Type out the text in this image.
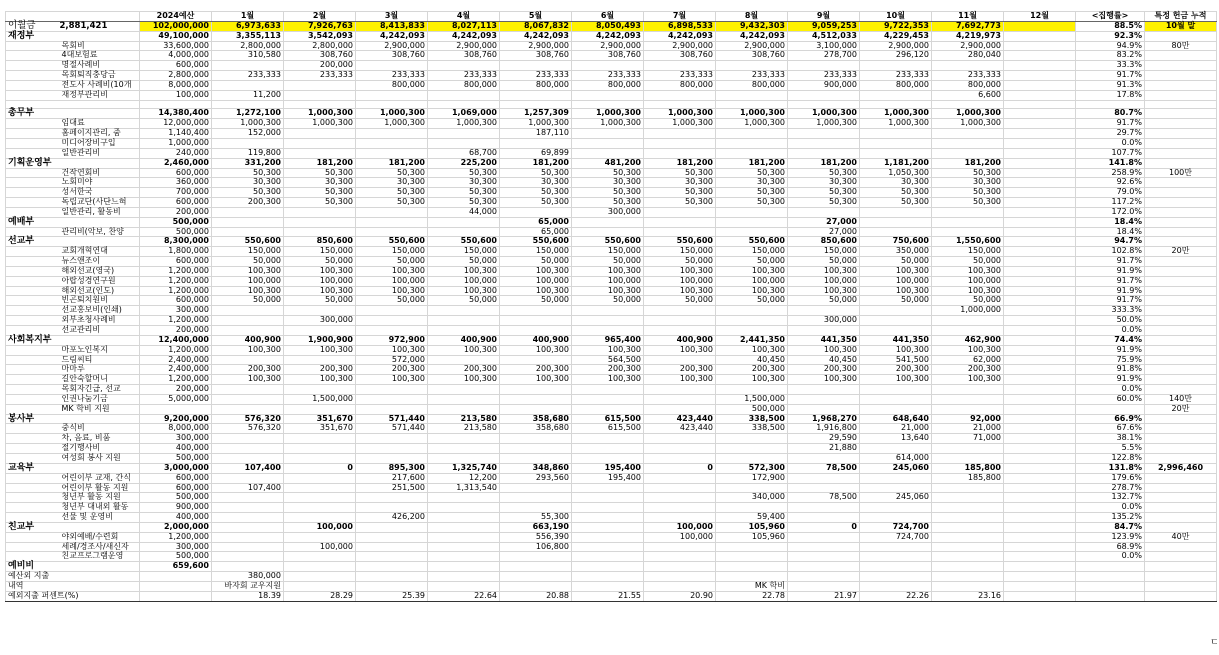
		2024예산	1월	2월	3월	4월	5월	6월	7월	8월	9월	10월	11월	12월	<집행률>	특정 헌금 누적
이월금	2,881,421	102,000,000	6,973,633	7,926,763	8,413,833	8,027,113	8,067,832	8,050,493	6,898,533	9,432,303	9,059,253	9,722,353	7,692,773		88.5%	10월 말
재정부		49,100,000	3,355,113	3,542,093	4,242,093	4,242,093	4,242,093	4,242,093	4,242,093	4,242,093	4,512,033	4,229,453	4,219,973		92.3%	
	목회비	33,600,000	2,800,000	2,800,000	2,900,000	2,900,000	2,900,000	2,900,000	2,900,000	2,900,000	3,100,000	2,900,000	2,900,000		94.9%	80만
	4대보험료	4,000,000	310,580	308,760	308,760	308,760	308,760	308,760	308,760	308,760	278,700	296,120	280,040		83.2%	
	명절사례비	600,000		200,000											33.3%	
	목회퇴직충당금	2,800,000	233,333	233,333	233,333	233,333	233,333	233,333	233,333	233,333	233,333	233,333	233,333		91.7%	
	전도사 사례비(10개	8,000,000			800,000	800,000	800,000	800,000	800,000	800,000	900,000	800,000	800,000		91.3%	
	재정부관리비	100,000	11,200										6,600		17.8%	

총무부		14,380,400	1,272,100	1,000,300	1,000,300	1,069,000	1,257,309	1,000,300	1,000,300	1,000,300	1,000,300	1,000,300	1,000,300		80.7%	
	임대료	12,000,000	1,000,300	1,000,300	1,000,300	1,000,300	1,000,300	1,000,300	1,000,300	1,000,300	1,000,300	1,000,300	1,000,300		91.7%	
	홈페이지관리, 줌	1,140,400	152,000				187,110								29.7%	
	미디어장비구입	1,000,000													0.0%	
	일반관리비	240,000	119,800			68,700	69,899								107.7%	
기획운영부		2,460,000	331,200	181,200	181,200	225,200	181,200	481,200	181,200	181,200	181,200	1,181,200	181,200		141.8%	
	건작연회비	600,000	50,300	50,300	50,300	50,300	50,300	50,300	50,300	50,300	50,300	1,050,300	50,300		258.9%	100만
	노회미야	360,000	30,300	30,300	30,300	30,300	30,300	30,300	30,300	30,300	30,300	30,300	30,300		92.6%	
	성서한국	700,000	50,300	50,300	50,300	50,300	50,300	50,300	50,300	50,300	50,300	50,300	50,300		79.0%	
	독립교단(사단느혀	600,000	200,300	50,300	50,300	50,300	50,300	50,300	50,300	50,300	50,300	50,300	50,300		117.2%	
	일반관리, 활동비	200,000				44,000		300,000							172.0%	
예배부		500,000					65,000				27,000				18.4%	
	관리비(악보, 찬양	500,000					65,000				27,000				18.4%	
선교부		8,300,000	550,600	850,600	550,600	550,600	550,600	550,600	550,600	550,600	850,600	750,600	1,550,600		94.7%	
	교회개혁연대	1,800,000	150,000	150,000	150,000	150,000	150,000	150,000	150,000	150,000	150,000	350,000	150,000		102.8%	20만
	뉴스앤조이	600,000	50,000	50,000	50,000	50,000	50,000	50,000	50,000	50,000	50,000	50,000	50,000		91.7%	
	해외선교(영국)	1,200,000	100,300	100,300	100,300	100,300	100,300	100,300	100,300	100,300	100,300	100,300	100,300		91.9%	
	아랍성경연구원	1,200,000	100,000	100,000	100,000	100,000	100,000	100,000	100,000	100,000	100,000	100,000	100,000		91.7%	
	해외선교(인도)	1,200,000	100,300	100,300	100,300	100,300	100,300	100,300	100,300	100,300	100,300	100,300	100,300		91.9%	
	빈곤퇴치원비	600,000	50,000	50,000	50,000	50,000	50,000	50,000	50,000	50,000	50,000	50,000	50,000		91.7%	
	선교홍보비(인쇄)	300,000											1,000,000		333.3%	
	외부초청사례비	1,200,000		300,000							300,000				50.0%	
	선교관리비	200,000													0.0%	
사회복지부		12,400,000	400,900	1,900,900	972,900	400,900	400,900	965,400	400,900	2,441,350	441,350	441,350	462,900		74.4%	
	마포노인복지	1,200,000	100,300	100,300	100,300	100,300	100,300	100,300	100,300	100,300	100,300	100,300	100,300		91.9%	
	드림씨티	2,400,000			572,000			564,500		40,450	40,450	541,500	62,000		75.9%	
	마마루	2,400,000	200,300	200,300	200,300	200,300	200,300	200,300	200,300	200,300	200,300	200,300	200,300		91.8%	
	길안숙할머니	1,200,000	100,300	100,300	100,300	100,300	100,300	100,300	100,300	100,300	100,300	100,300	100,300		91.9%	
	목회자긴급, 선교	200,000													0.0%	
	인권나눔기금	5,000,000		1,500,000						1,500,000					60.0%	140만
	MK 학비 지원									500,000						20만
봉사부		9,200,000	576,320	351,670	571,440	213,580	358,680	615,500	423,440	338,500	1,968,270	648,640	92,000		66.9%	
	중식비	8,000,000	576,320	351,670	571,440	213,580	358,680	615,500	423,440	338,500	1,916,800	21,000	21,000		67.6%	
	차, 음료, 비품	300,000									29,590	13,640	71,000		38.1%	
	절기행사비	400,000									21,880				5.5%	
	여성회 봉사 지원	500,000										614,000			122.8%	
교육부		3,000,000	107,400	0	895,300	1,325,740	348,860	195,400	0	572,300	78,500	245,060	185,800		131.8%	2,996,460
	어린이부 교재, 간식	600,000			217,600	12,200	293,560	195,400		172,900			185,800		179.6%	
	어린이부 활동 지원	600,000	107,400		251,500	1,313,540									278.7%	
	청년부 활동 지원	500,000								340,000	78,500	245,060			132.7%	
	청년부 대내외 활동	900,000													0.0%	
	선물 및 운영비	400,000			426,200		55,300			59,400					135.2%	
친교부		2,000,000		100,000			663,190		100,000	105,960	0	724,700			84.7%	
	야외예배/수련회	1,200,000					556,390		100,000	105,960		724,700			123.9%	40만
	세례/경조사/새신자	300,000		100,000			106,800								68.9%	
	친교프로그램운영	500,000													0.0%	
예비비		659,600														
예산외 지출			380,000													
내역			바자회 교우지원							MK 학비						
예외지출 퍼센트(%)			18.39	28.29	25.39	22.64	20.88	21.55	20.90	22.78	21.97	22.26	23.16			
ㄷ
